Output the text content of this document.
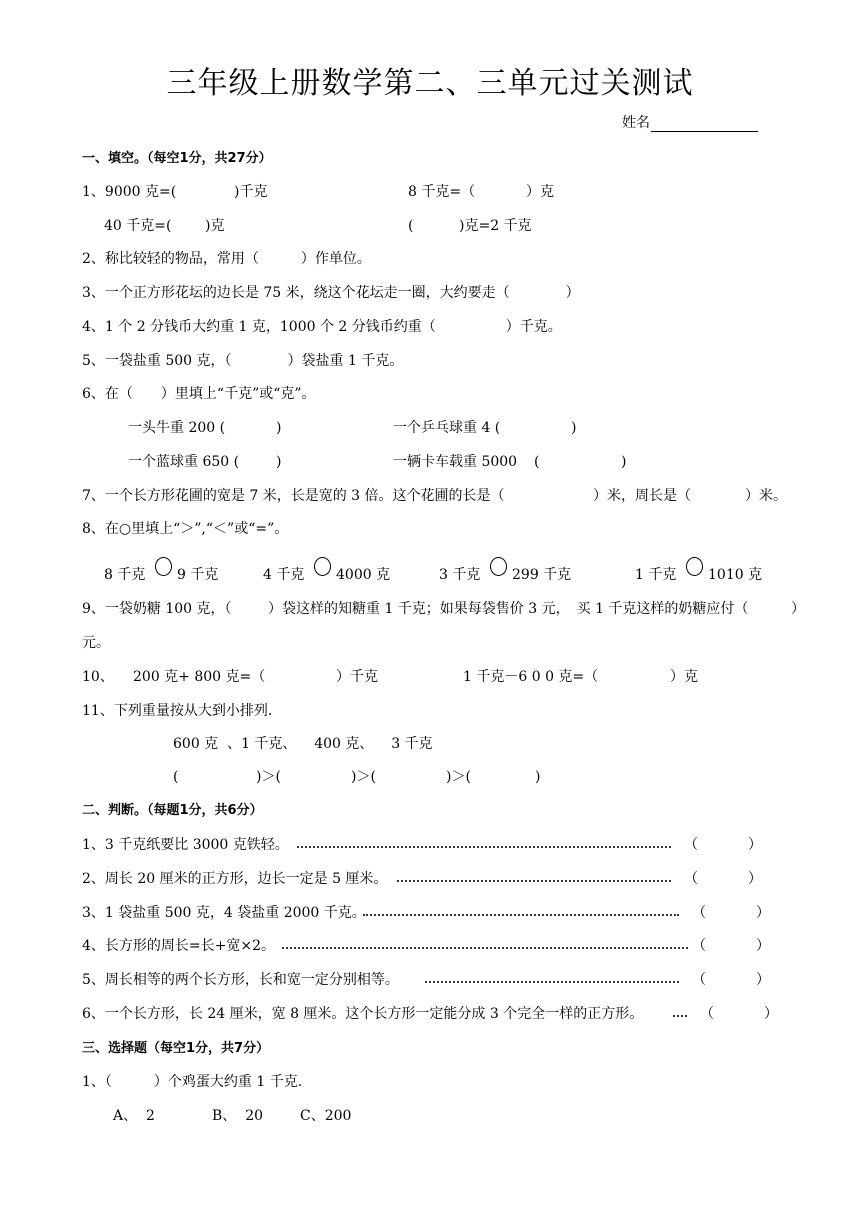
三年级上册数学第二、三单元过关测试
姓名
一、填空。（每空1分，共27分）
1、9000 克=(	)千克	8 千克=（	）克
40 千克=( )克	(	)克=2 千克
2、称比较轻的物品，常用（　　　）作单位。
3、一个正方形花坛的边长是 75 米，绕这个花坛走一圈，大约要走（　　　　）
4、1 个 2 分钱币大约重 1 克，1000 个 2 分钱币约重（　　　　　）千克。
5、一袋盐重 500 克，（　　　　）袋盐重 1 千克。
6、在（　　）里填上“千克”或“克”。
一头牛重 200 (	)	一个乒乓球重 4 (	)
一个蓝球重 650 (	)	一辆卡车载重 5000 (	)
7、一个长方形花圃的宽是 7 米，长是宽的 3 倍。这个花圃的长是（	）米，周长是（	）米。
8、在○里填上“＞”,“＜”或“=”。
8 千克 9 千克	4 千克 4000 克	3 千克 299 千克	1 千克 1010 克
9、一袋奶糖 100 克，（	）袋这样的知糖重 1 千克；如果每袋售价 3 元，　买 1 千克这样的奶糖应付（	）
元。
10、 200 克+ 800 克=（	）千克	1 千克－6 0 0 克=（	）克
11、下列重量按从大到小排列.
600 克  、1 千克、    400 克、    3 千克
(	)＞(	)＞(	)＞(	)
二、判断。（每题1分，共6分）
1、3 千克纸要比 3000 克铁轻。	（	）
2、周长 20 厘米的正方形，边长一定是 5 厘米。	（	）
3、1 袋盐重 500 克，4 袋盐重 2000 千克。	（	）
4、长方形的周长=长+宽×2。	（	）
5、周长相等的两个长方形，长和宽一定分别相等。	（	）
6、一个长方形，长 24 厘米，宽 8 厘米。这个长方形一定能分成 3 个完全一样的正方形。	（	）
三、选择题（每空1分，共7分）
1、（　　　）个鸡蛋大约重 1 千克.
A、  2	B、  20	C、200
